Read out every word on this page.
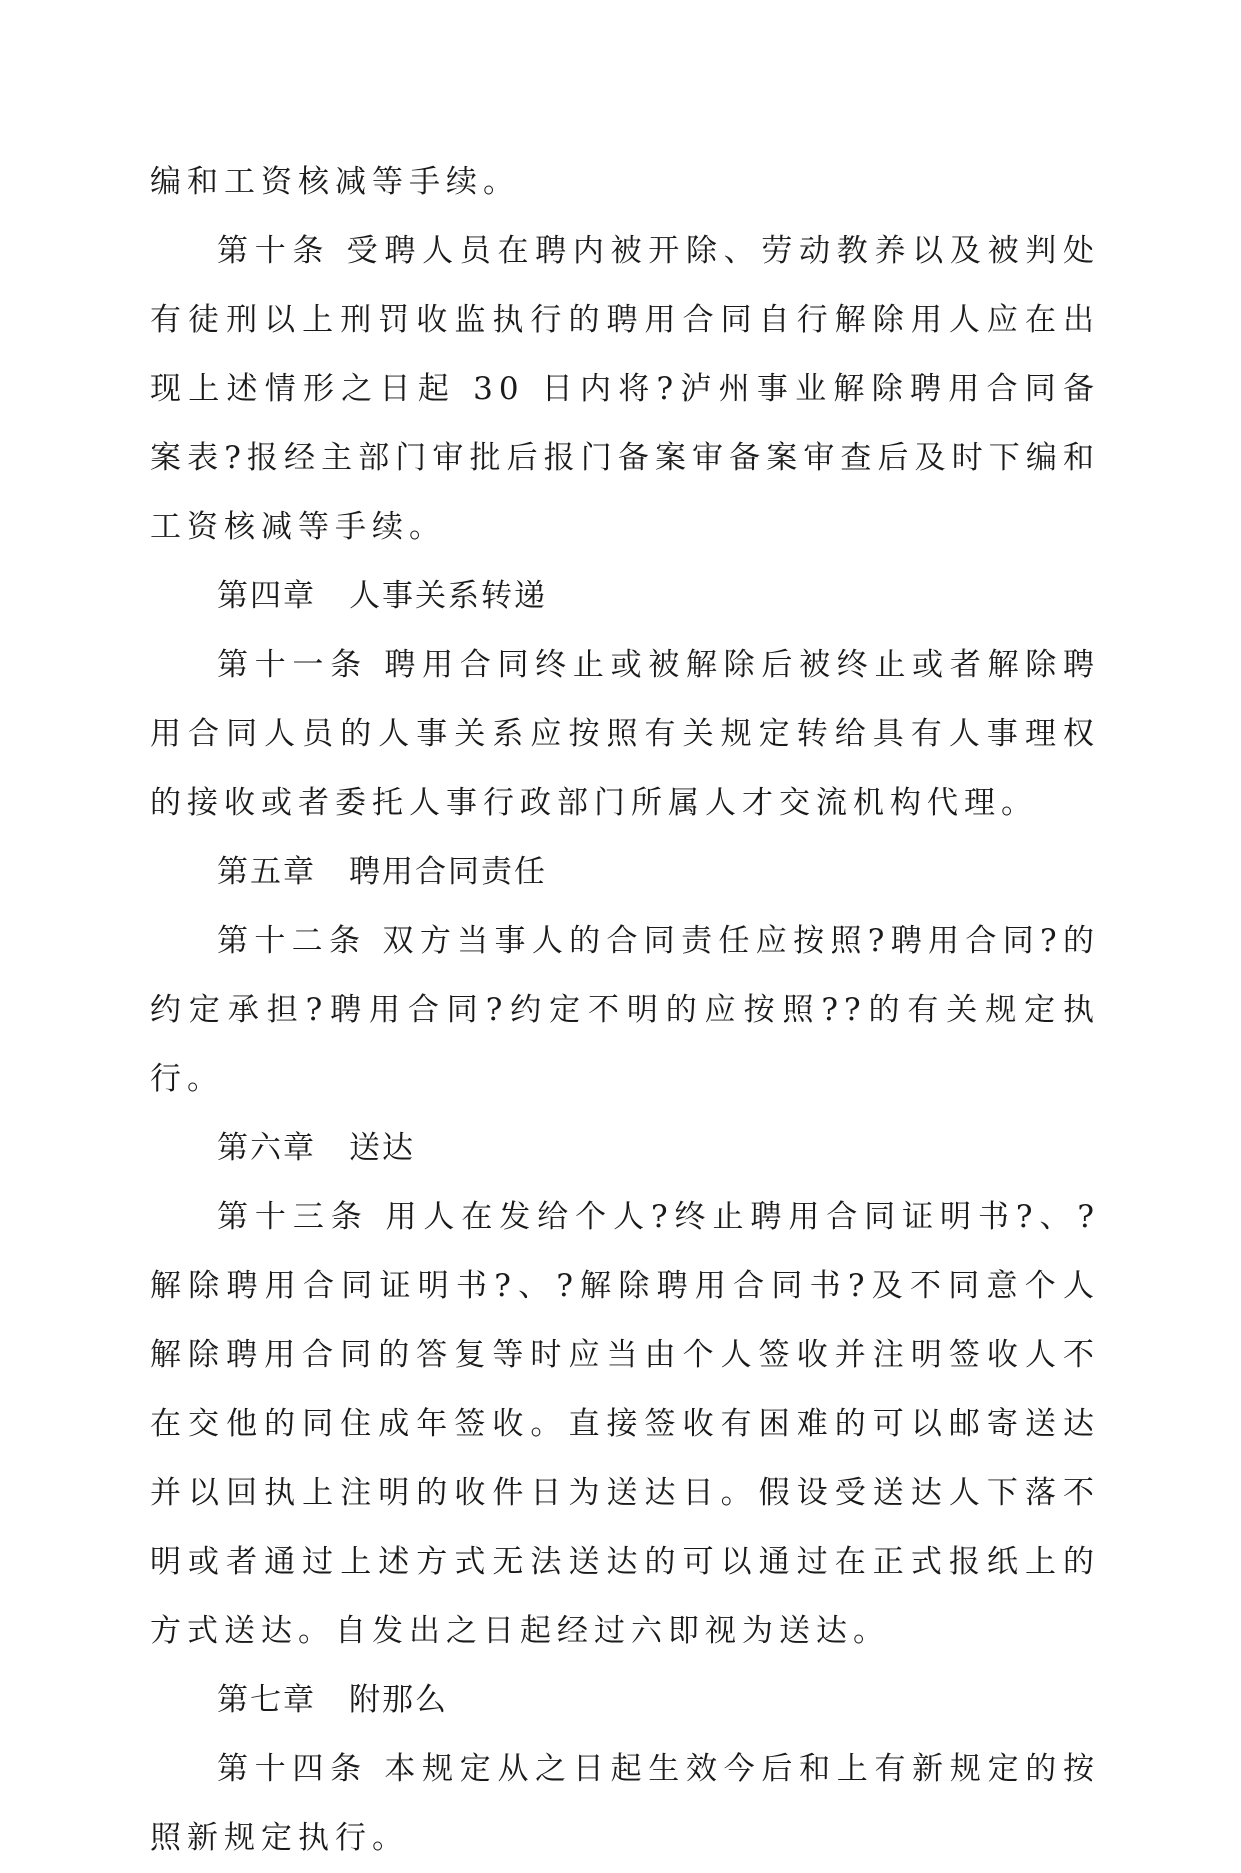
编和工资核减等手续。

第十条 受聘人员在聘内被开除、劳动教养以及被判处有徒刑以上刑罚收监执行的聘用合同自行解除用人应在出现上述情形之日起 30 日内将?泸州事业解除聘用合同备案表?报经主部门审批后报门备案审备案审查后及时下编和工资核减等手续。

第四章　人事关系转递

第十一条 聘用合同终止或被解除后被终止或者解除聘用合同人员的人事关系应按照有关规定转给具有人事理权的接收或者委托人事行政部门所属人才交流机构代理。

第五章　聘用合同责任

第十二条 双方当事人的合同责任应按照?聘用合同?的约定承担?聘用合同?约定不明的应按照??的有关规定执行。

第六章　送达

第十三条 用人在发给个人?终止聘用合同证明书?、?解除聘用合同证明书?、?解除聘用合同书?及不同意个人解除聘用合同的答复等时应当由个人签收并注明签收人不在交他的同住成年签收。直接签收有困难的可以邮寄送达并以回执上注明的收件日为送达日。假设受送达人下落不明或者通过上述方式无法送达的可以通过在正式报纸上的方式送达。自发出之日起经过六即视为送达。

第七章　附那么

第十四条 本规定从之日起生效今后和上有新规定的按照新规定执行。
